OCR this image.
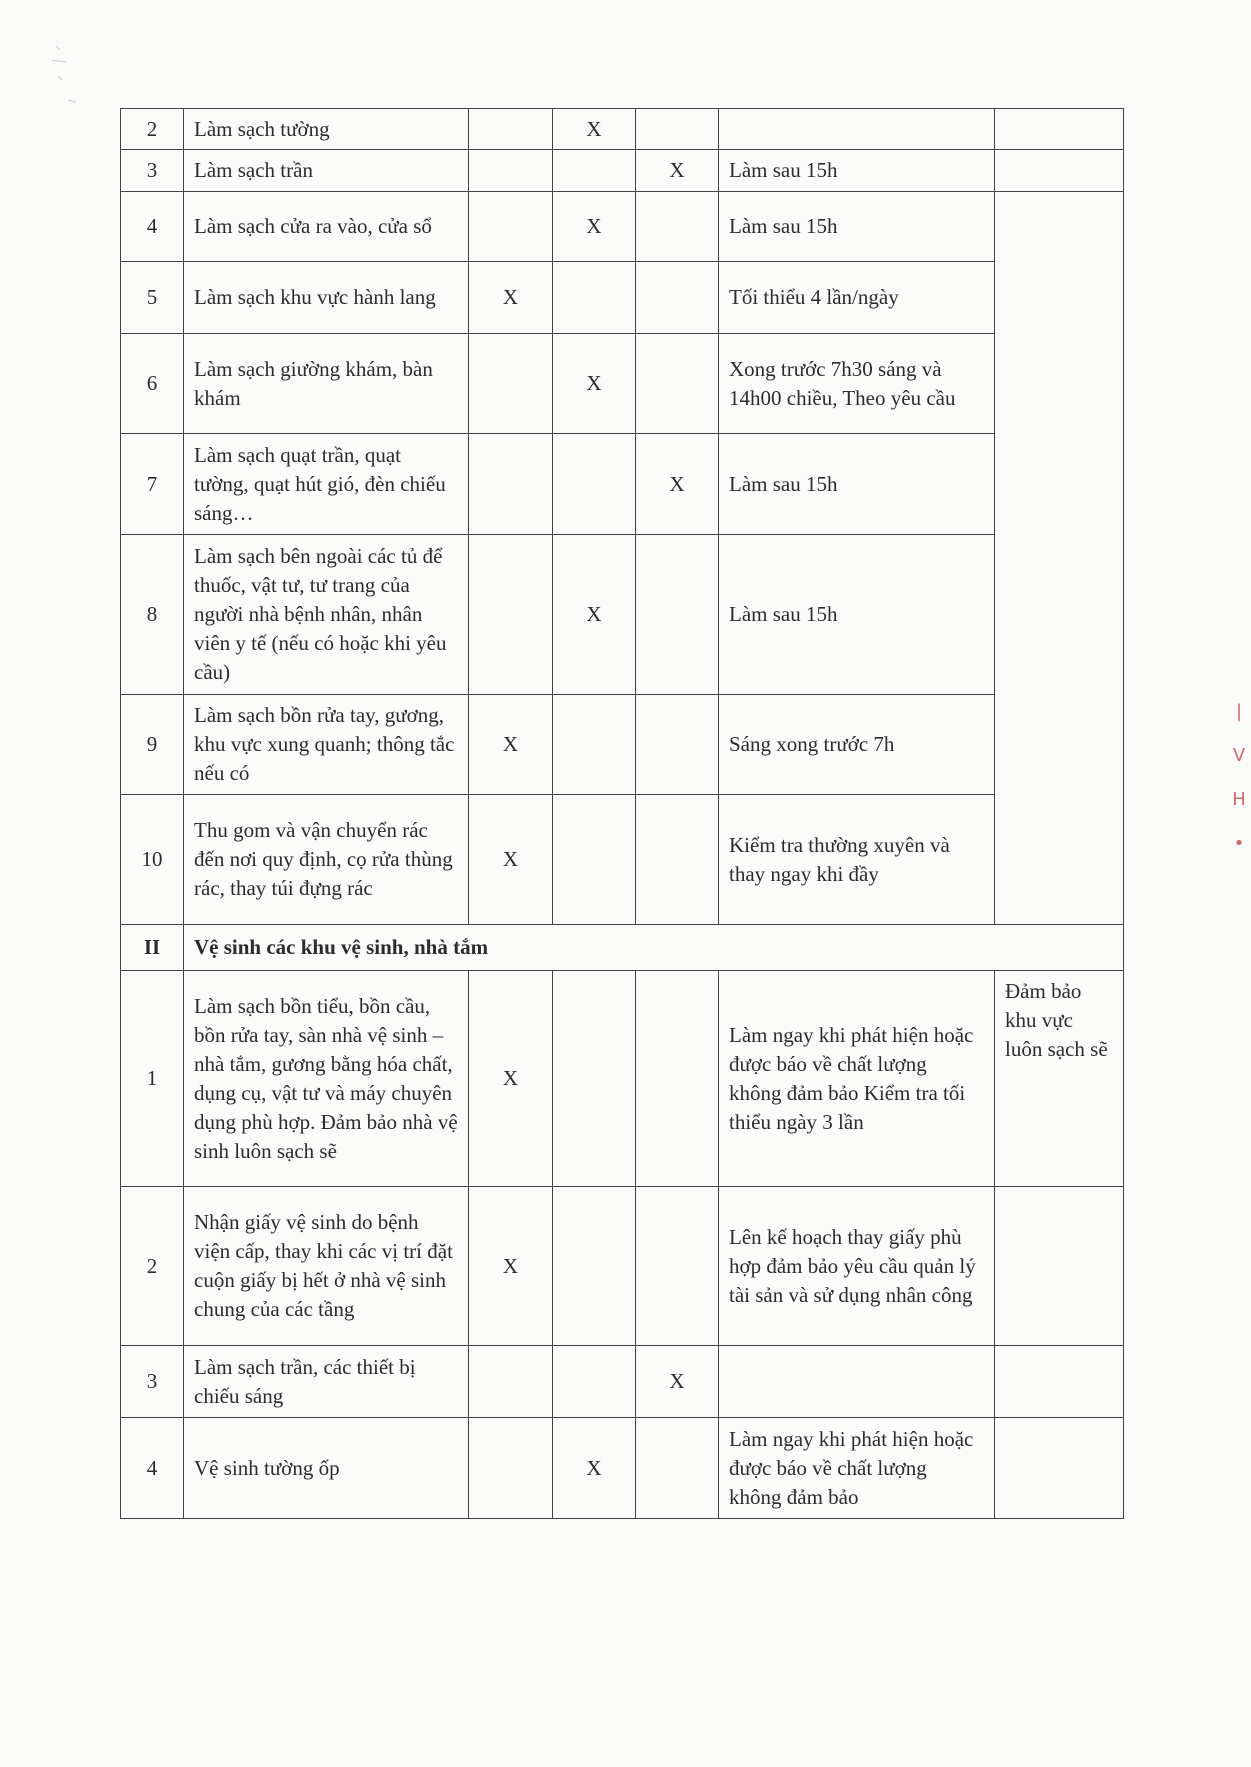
2	Làm sạch tường		X				
3	Làm sạch trần			X	Làm sau 15h		
4	Làm sạch cửa ra vào, cửa sổ		X		Làm sau 15h		
5	Làm sạch khu vực hành lang	X			Tối thiểu 4 lần/ngày		
6	Làm sạch giường khám, bàn khám		X		Xong trước 7h30 sáng và 14h00 chiều, Theo yêu cầu		
7	Làm sạch quạt trần, quạt tường, quạt hút gió, đèn chiếu sáng…			X	Làm sau 15h		
8	Làm sạch bên ngoài các tủ để thuốc, vật tư, tư trang của người nhà bệnh nhân, nhân viên y tế (nếu có hoặc khi yêu cầu)		X		Làm sau 15h		
9	Làm sạch bồn rửa tay, gương, khu vực xung quanh; thông tắc nếu có	X			Sáng xong trước 7h		
10	Thu gom và vận chuyển rác đến nơi quy định, cọ rửa thùng rác, thay túi đựng rác	X			Kiểm tra thường xuyên và thay ngay khi đầy		
II	Vệ sinh các khu vệ sinh, nhà tắm						
1	Làm sạch bồn tiểu, bồn cầu, bồn rửa tay, sàn nhà vệ sinh – nhà tắm, gương bằng hóa chất, dụng cụ, vật tư và máy chuyên dụng phù hợp. Đảm bảo nhà vệ sinh luôn sạch sẽ	X			Làm ngay khi phát hiện hoặc được báo về chất lượng không đảm bảo Kiểm tra tối thiểu ngày 3 lần	Đảm bảo khu vực luôn sạch sẽ	
2	Nhận giấy vệ sinh do bệnh viện cấp, thay khi các vị trí đặt cuộn giấy bị hết ở nhà vệ sinh chung của các tầng	X			Lên kế hoạch thay giấy phù hợp đảm bảo yêu cầu quản lý tài sản và sử dụng nhân công		
3	Làm sạch trần, các thiết bị chiếu sáng			X			
4	Vệ sinh tường ốp		X		Làm ngay khi phát hiện hoặc được báo về chất lượng không đảm bảo		
|
V
H
•
